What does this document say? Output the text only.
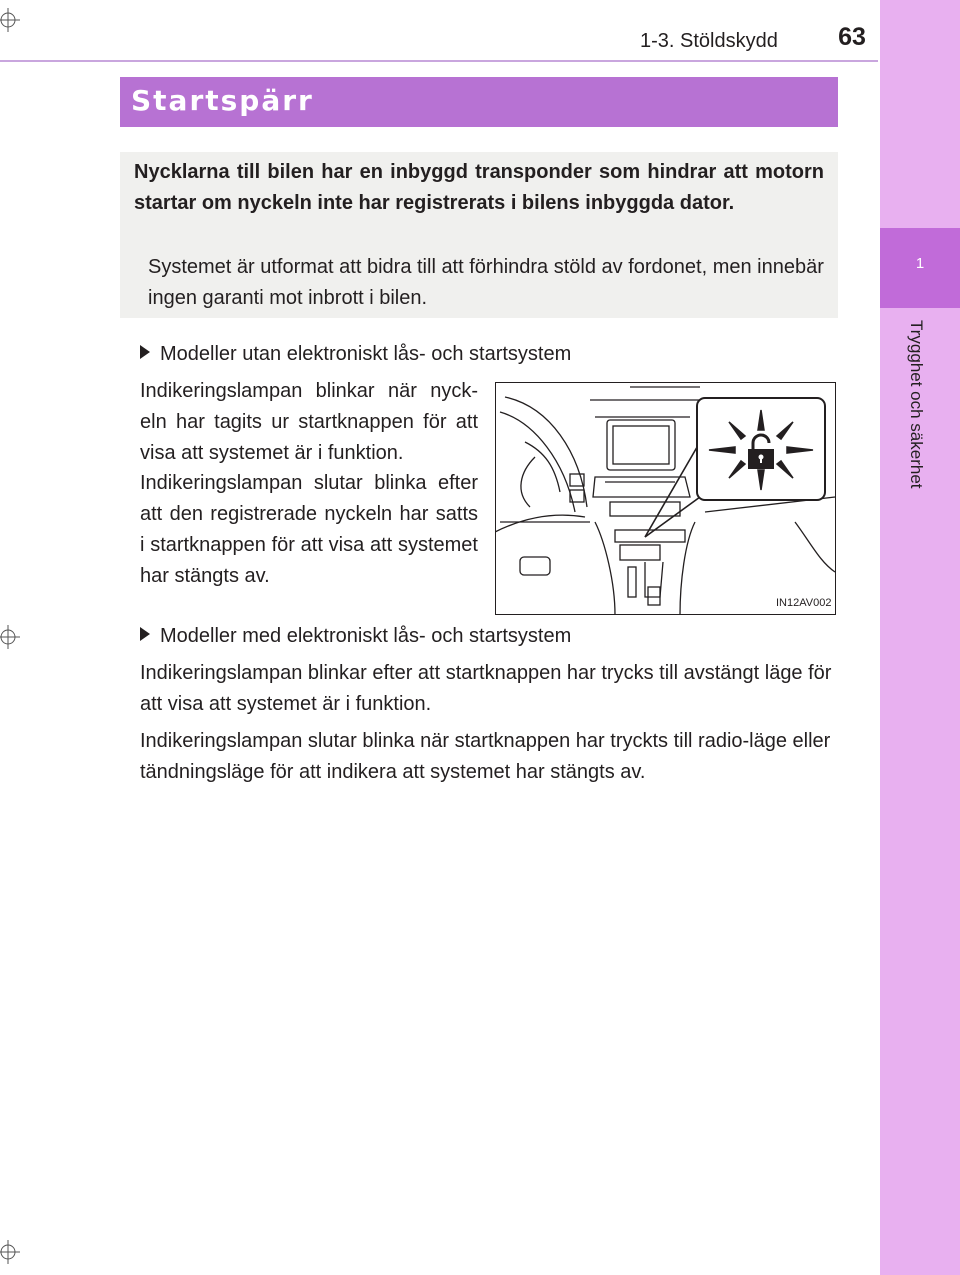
1
Trygghet och säkerhet
1-3. Stöldskydd	63
Startspärr
Nycklarna till bilen har en inbyggd transponder som hindrar att motorn startar om nyckeln inte har registrerats i bilens inbyggda dator.
Systemet är utformat att bidra till att förhindra stöld av fordonet, men innebär ingen garanti mot inbrott i bilen.
Modeller utan elektroniskt lås- och startsystem
Indikeringslampan blinkar när nyck-eln har tagits ur startknappen för att visa att systemet är i funktion.
Indikeringslampan slutar blinka efter att den registrerade nyckeln har satts i startknappen för att visa att systemet har stängts av.
IN12AV002
Modeller med elektroniskt lås- och startsystem
Indikeringslampan blinkar efter att startknappen har trycks till avstängt läge för att visa att systemet är i funktion.
Indikeringslampan slutar blinka när startknappen har tryckts till radio-läge eller tändningsläge för att indikera att systemet har stängts av.
